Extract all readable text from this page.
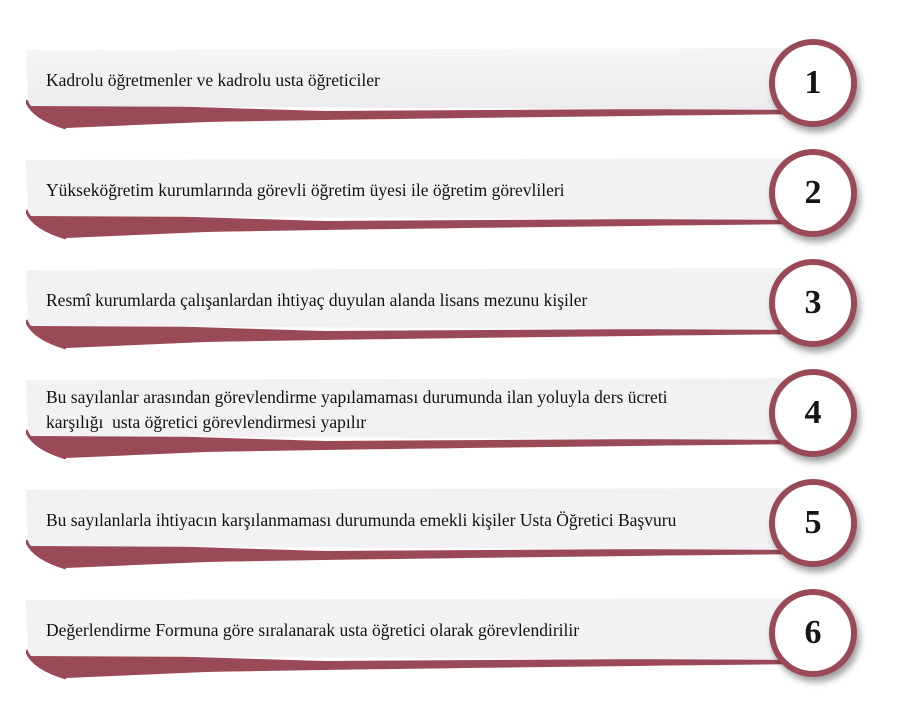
Kadrolu öğretmenler ve kadrolu usta öğreticiler	1
Yükseköğretim kurumlarında görevli öğretim üyesi ile öğretim görevlileri	2
Resmî kurumlarda çalışanlardan ihtiyaç duyulan alanda lisans mezunu kişiler	3
Bu sayılanlar arasından görevlendirme yapılamaması durumunda ilan yoluyla ders ücreti karşılığı  usta öğretici görevlendirmesi yapılır	4
Bu sayılanlarla ihtiyacın karşılanmaması durumunda emekli kişiler Usta Öğretici Başvuru	5
Değerlendirme Formuna göre sıralanarak usta öğretici olarak görevlendirilir	6
